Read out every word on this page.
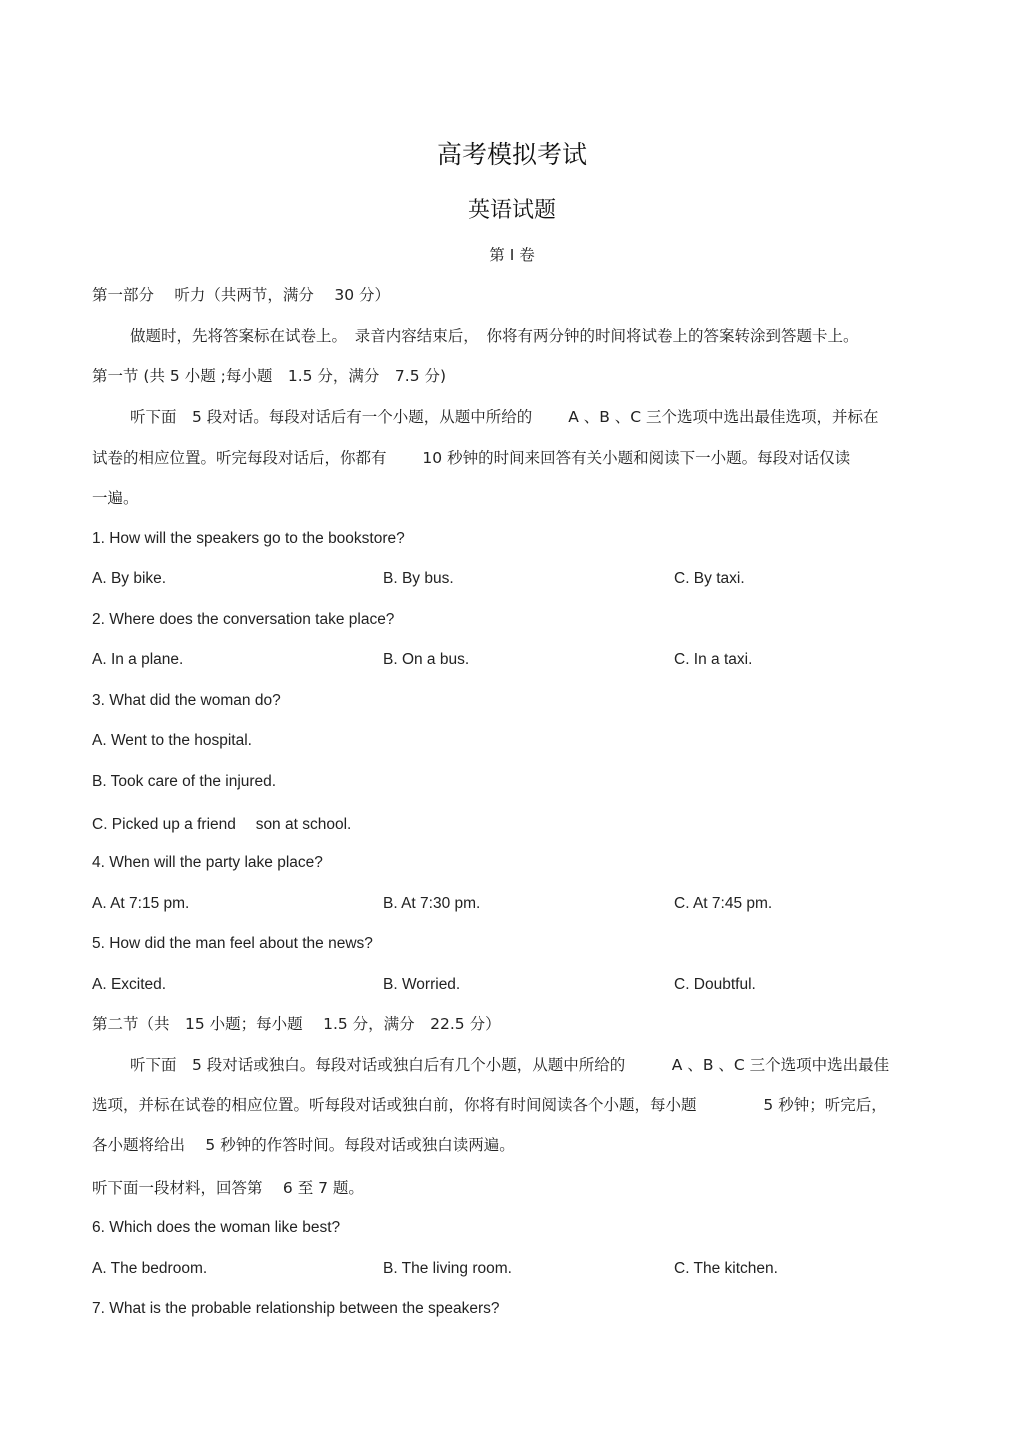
高考模拟考试
英语试题
第 I 卷
第一部分　 听力（共两节，满分　 30 分）
做题时，先将答案标在试卷上。　录音内容结束后，　你将有两分钟的时间将试卷上的答案转涂到答题卡上。
第一节 (共 5 小题 ;每小题　1.5 分，满分　7.5 分)
听下面　5 段对话。每段对话后有一个小题，从题中所给的　　 A 、B 、C 三个选项中选出最佳选项，并标在
试卷的相应位置。听完每段对话后，你都有　　 10 秒钟的时间来回答有关小题和阅读下一小题。每段对话仅读
一遍。
1. How will the speakers go to the bookstore?
A. By bike.	B. By bus.	C. By taxi.
2. Where does the conversation take place?
A. In a plane.	B. On a bus.	C. In a taxi.
3. What did the woman do?
A. Went to the hospital.
B. Took care of the injured.
C. Picked up a friend　 son at school.
4. When will the party lake place?
A. At 7:15 pm.	B. At 7:30 pm.	C. At 7:45 pm.
5. How did the man feel about the news?
A. Excited.	B. Worried.	C. Doubtful.
第二节（共　15 小题；每小题　 1.5 分，满分　22.5 分）
听下面　5 段对话或独白。每段对话或独白后有几个小题，从题中所给的　　　A 、B 、C 三个选项中选出最佳
选项，并标在试卷的相应位置。听每段对话或独白前，你将有时间阅读各个小题，每小题　　　　 5 秒钟；听完后，
各小题将给出　 5 秒钟的作答时间。每段对话或独白读两遍。
听下面一段材料，回答第　 6 至 7 题。
6. Which does the woman like best?
A. The bedroom.	B. The living room.	C. The kitchen.
7. What is the probable relationship between the speakers?
